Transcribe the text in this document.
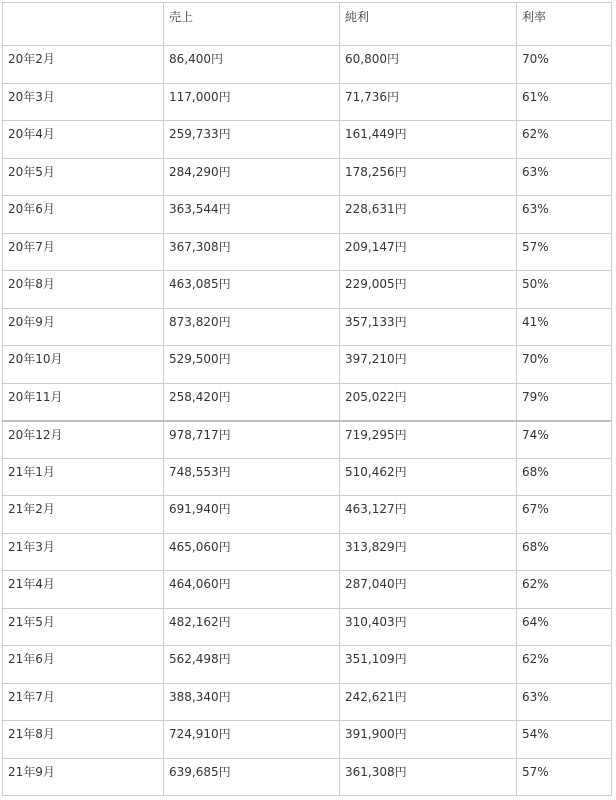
	売上	純利	利率
20年2月	86,400円	60,800円	70%
20年3月	117,000円	71,736円	61%
20年4月	259,733円	161,449円	62%
20年5月	284,290円	178,256円	63%
20年6月	363,544円	228,631円	63%
20年7月	367,308円	209,147円	57%
20年8月	463,085円	229,005円	50%
20年9月	873,820円	357,133円	41%
20年10月	529,500円	397,210円	70%
20年11月	258,420円	205,022円	79%
20年12月	978,717円	719,295円	74%
21年1月	748,553円	510,462円	68%
21年2月	691,940円	463,127円	67%
21年3月	465,060円	313,829円	68%
21年4月	464,060円	287,040円	62%
21年5月	482,162円	310,403円	64%
21年6月	562,498円	351,109円	62%
21年7月	388,340円	242,621円	63%
21年8月	724,910円	391,900円	54%
21年9月	639,685円	361,308円	57%
